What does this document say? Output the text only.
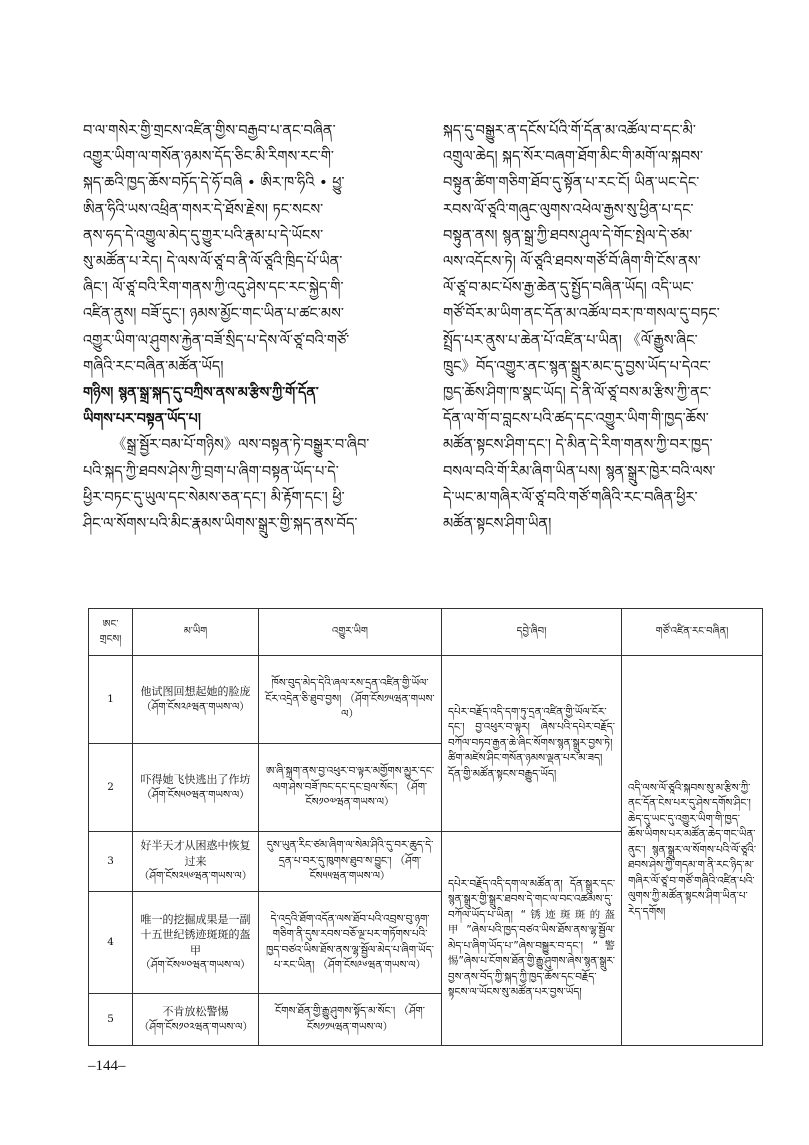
བ་ལ་གསེར་གྱི་གྲངས་འཛིན་གྱིས་བརྒྱབ་པ་ནང་བཞིན་
འགྱུར་ཡིག་ལ་གསོན་ཉམས་དོད་ཅིང་མི་རིགས་རང་གི་
སྐད་ཆའི་ཁྱད་ཆོས་བཏོད་དེ་ཧོ་བཞི • ཨིར་ཁ་ཧིའི • ཕྱུ་
ཨིན་ཧིའི་ཡས་འཕྲིན་གསར་དེ་ཐོས་རྗེས། ཏང་སངས་
ནས་ཧད་དེ་འགྱུལ་མེད་དུ་གྱུར་པའི་རྣམ་པ་དེ་ཡོངས་
སུ་མཚོན་པ་རེད། དེ་ལས་ལོ་ཙཱ་བ་ནི་ལོ་ཙཱའི་ཁྲིད་པོ་ཡིན་
ཞིང་། ལོ་ཙཱ་བའི་རིག་གནས་ཀྱི་འདུ་ཤེས་དང་རང་སྐྱེད་གི་
འཛིན་ནུས། བཟོ་དུང་། ཉམས་མྱོང་གང་ཡིན་པ་ཚང་མས་
འགྱུར་ཡིག་ལ་ཤུགས་རྐྱེན་བཟོ་སྲིད་པ་དེས་ལོ་ཙཱ་བའི་གཙོ་
གཞིའི་རང་བཞིན་མཚོན་ཡོད།

གཉིས། སྙན་སྒྲ་སྐད་དུ་བཀྲིས་ནས་མ་རྩིས་ཀྱི་གོ་དོན་
ཡིགས་པར་བསྟན་ཡོད་པ།

《སྒྲ་སྦྱོར་བམ་པོ་གཉིས》ལས་བསྟན་ཏེ་བསྒྱུར་བ་ཞིབ་
པའི་སྐད་ཀྱི་ཐབས་ཤེས་ཀྱི་བྲག་པ་ཞིག་བསྟན་ཡོད་པ་དེ་
ཕྱིར་བཏང་དུ་ཡུལ་དང་སེམས་ཅན་དང་། མི་རྟོག་དང་། ཕྱི་
ཤིང་ལ་སོགས་པའི་མིང་རྣམས་ཡིགས་སྒྲུར་གྱི་སྐད་ནས་བོད་

སྐད་དུ་བསྒྱུར་ན་དངོས་པོའི་གོ་དོན་མ་འཚོལ་བ་དང་མི་
འགྲུལ་ཆེད། སྐད་སོར་བཞག་ཐོག་མིང་གི་མགོ་ལ་སྐབས་
བསྟུན་ཚིག་གཅིག་ཐོབ་དུ་སྟོན་པ་རང་ངོ། ཡིན་ཡང་དེང་
རབས་ལོ་ཙཱའི་གཞུང་ལུགས་འཕེལ་རྒྱས་སུ་ཕྱིན་པ་དང་
བསྟུན་ནས། སྙན་སྒྲ་ཀྱི་ཐབས་ཤུལ་དེ་གོང་སྤེལ་དེ་ཙམ་
ལས་འདོངས་ཏེ། ལོ་ཙཱའི་ཐབས་གཙོ་བོ་ཞིག་གི་ངོས་ནས་
ལོ་ཙཱ་བ་མང་པོས་རྒྱ་ཆེན་དུ་སྤྱོད་བཞིན་ཡོད། འདི་ཡང་
གཙོ་བོར་མ་ཡིག་ནང་དོན་མ་འཚོལ་བར་ཁ་གསལ་དུ་བཏང་
སྤྲོད་པར་ནུས་པ་ཆེན་པོ་འཛིན་པ་ཡིན། 《ལོ་རྒྱུས་ཞིང་
ཁྲུང》བོད་འགྱུར་ནང་སྙན་སྒྲུར་མང་དུ་བྱས་ཡོད་པ་དེའང་
ཁྱད་ཆོས་ཤིག་ཁ་སྣང་ཡོད། དེ་ནི་ལོ་ཙཱ་བས་མ་རྩིས་ཀྱི་ནང་
དོན་ལ་གོ་བ་བླངས་པའི་ཚད་དང་འགྱུར་ཡིག་གི་ཁྱད་ཆོས་
མཚོན་སྟངས་ཤིག་དང་། དེ་མིན་དེ་རིག་གནས་ཀྱི་བར་ཁྱད་
བསལ་བའི་གོ་རིམ་ཞིག་ཡིན་པས། སྙན་སྒྲུར་ཁྱེར་བའི་ལས་
དེ་ཡང་མ་གཞིར་ལོ་ཙཱ་བའི་གཙོ་གཞིའི་རང་བཞིན་ཕྱིར་
མཚོན་སྟངས་ཤིག་ཡིན།

ཨང་
གྲངས།	མ་ཡིག	འགྱུར་ཡིག	དབྱེ་ཞིབ།	གཙོ་འཛིན་རང་བཞིན།
1	他试图回想起她的脸庞
（ཤོག་ངོས༢༩ཝན་གཡས་ལ）	ཁོས་བུད་མེད་དེའི་ཞལ་རས་དྲན་འཛིན་གྱི་ཡོལ་ངོར་འདྲེན་ཅི་ཐུབ་བྱས། （ཤོག་ངོས༡༥ཝན་གཡས་ལ）	དཔེར་བརྗོད་འདི་དག་ཏུ་དྲན་འཛིན་གྱི་ཡོལ་ངོར་དང་། བྱ་འཕུར་བ་ལྟར། ཞེས་པའི་དཔེར་བརྗོད་བཀོལ་བཏབ་རྒྱན་ཆེ་ཞིང་སོགས་སྙན་སྒྲུར་བྱས་ཏེ། ཚིག་མཛེས་ཤིང་གསོན་ཉམས་ལྡན་པར་མ་ཟད། དོན་གྱི་མཚོན་སྟངས་བརྒྱུད་ཡོད།	འདི་ལས་ལོ་ཙཱའི་སྐབས་སུ་མ་རྩིས་ཀྱི་ནང་དོན་ངེས་པར་དུ་ཤེས་དགོས་ཤིང་། ཆེད་དུ་ཡང་དུ་འགྱུར་ཡིག་གི་ཁྱད་ཆོས་ཡིགས་པར་མཚོན་ཆེད་གང་ཡིན་ནུང་། སྙན་སྒྲུར་ལ་སོགས་པའི་ལོ་ཙཱའི་ཐབས་ཤེས་ཀྱི་གདམ་ག་ནི་རང་ཉིད་མ་གཞིར་ལོ་ཙཱ་བ་གཙོ་གཞིའི་འཛིན་པའི་ལུགས་ཀྱི་མཚོན་སྟངས་ཤིག་ཡིན་པ་རེད་དགོས།
2	吓得她飞快逃出了作坊
（ཤོག་ངོས༥༠ཝན་གཡས་ལ）	ཨ་ཞི་སྐྲག་ནས་བྱ་འཕུར་བ་ལྟར་མགྱོགས་མྱུར་དང་ལག་ཤེས་བཟོ་ཁང་དང་དང་བྲལ་སོང་། （ཤོག་ངོས༡༠༧ཝན་གཡས་ལ）		
3	好半天才从困惑中恢复过来
（ཤོག་ངོས༢༥༦ཝན་གཡས་ལ）	དུས་ཡུན་རིང་ཙམ་ཞིག་ལ་སེམ་ཤིའི་དུ་བར་ཆུད་དེ་དྲན་པ་བར་དུ་ཁུགས་ཐུབ་ས་བྱུང་། （ཤོག་ངོས༥༥ཝན་གཡས་ལ）	དཔེར་བརྗོད་འདི་དག་ལ་མཚོན་ན། དོན་སྒྲུར་དང་སྙན་སྒྲུར་གྱི་སྒྲུར་ཐབས་དེ་གང་ལ་བང་འཚམས་དུ་བཀོལ་ཡོད་པ་ཡིན། “锈迹斑斑的盔甲”ཞེས་པའི་ཁྱད་བཙའ་ཡིས་ཐོས་ནས་ལྷ་སྦྱོལ་མེད་པ་ཞིག་ཡོད་པ་”ཞེས་བསྒྱུར་བ་དང་། “警惕”ཞེས་པ་ངོགས་ཐོན་གྱི་རྒྱུ་ཤུགས་ཞེས་སྙན་སྒྲུར་བྱས་ནས་བོད་ཀྱི་སྐད་ཀྱི་ཁྱད་ཆོས་དང་བརྗོད་སྟངས་ལ་ཡོངས་སུ་མཚོན་པར་བྱས་ཡོད།	
4	唯一的挖掘成果是一副十五世纪锈迹斑斑的盔甲
（ཤོག་ངོས༧༠ཝན་གཡས་ལ）	དེ་འདྲའི་ཐོག་འདོན་ལས་ཐོབ་པའི་འབྲས་བུ་ཉག་གཅིག་ནི་དུས་རབས་བཅོ་ལྔ་པར་གཏོགས་པའི་ཁྱད་བཙའ་ཡིས་ཐོས་ནས་ལྷ་སྦྱོལ་མེད་པ་ཞིག་ཡོད་པ་རང་ཡིན། （ཤོག་ངོས༩༦ཝན་གཡས་ལ）		
5	不肯放松警惕
（ཤོག་ངོས༡༠༢ཝན་གཡས་ལ）	ངོགས་ཐོན་གྱི་རྒྱུ་ཤུགས་སྟོད་མ་སོང་། （ཤོག་ངོས༡༡༥ཝན་གཡས་ལ）		
–144–
